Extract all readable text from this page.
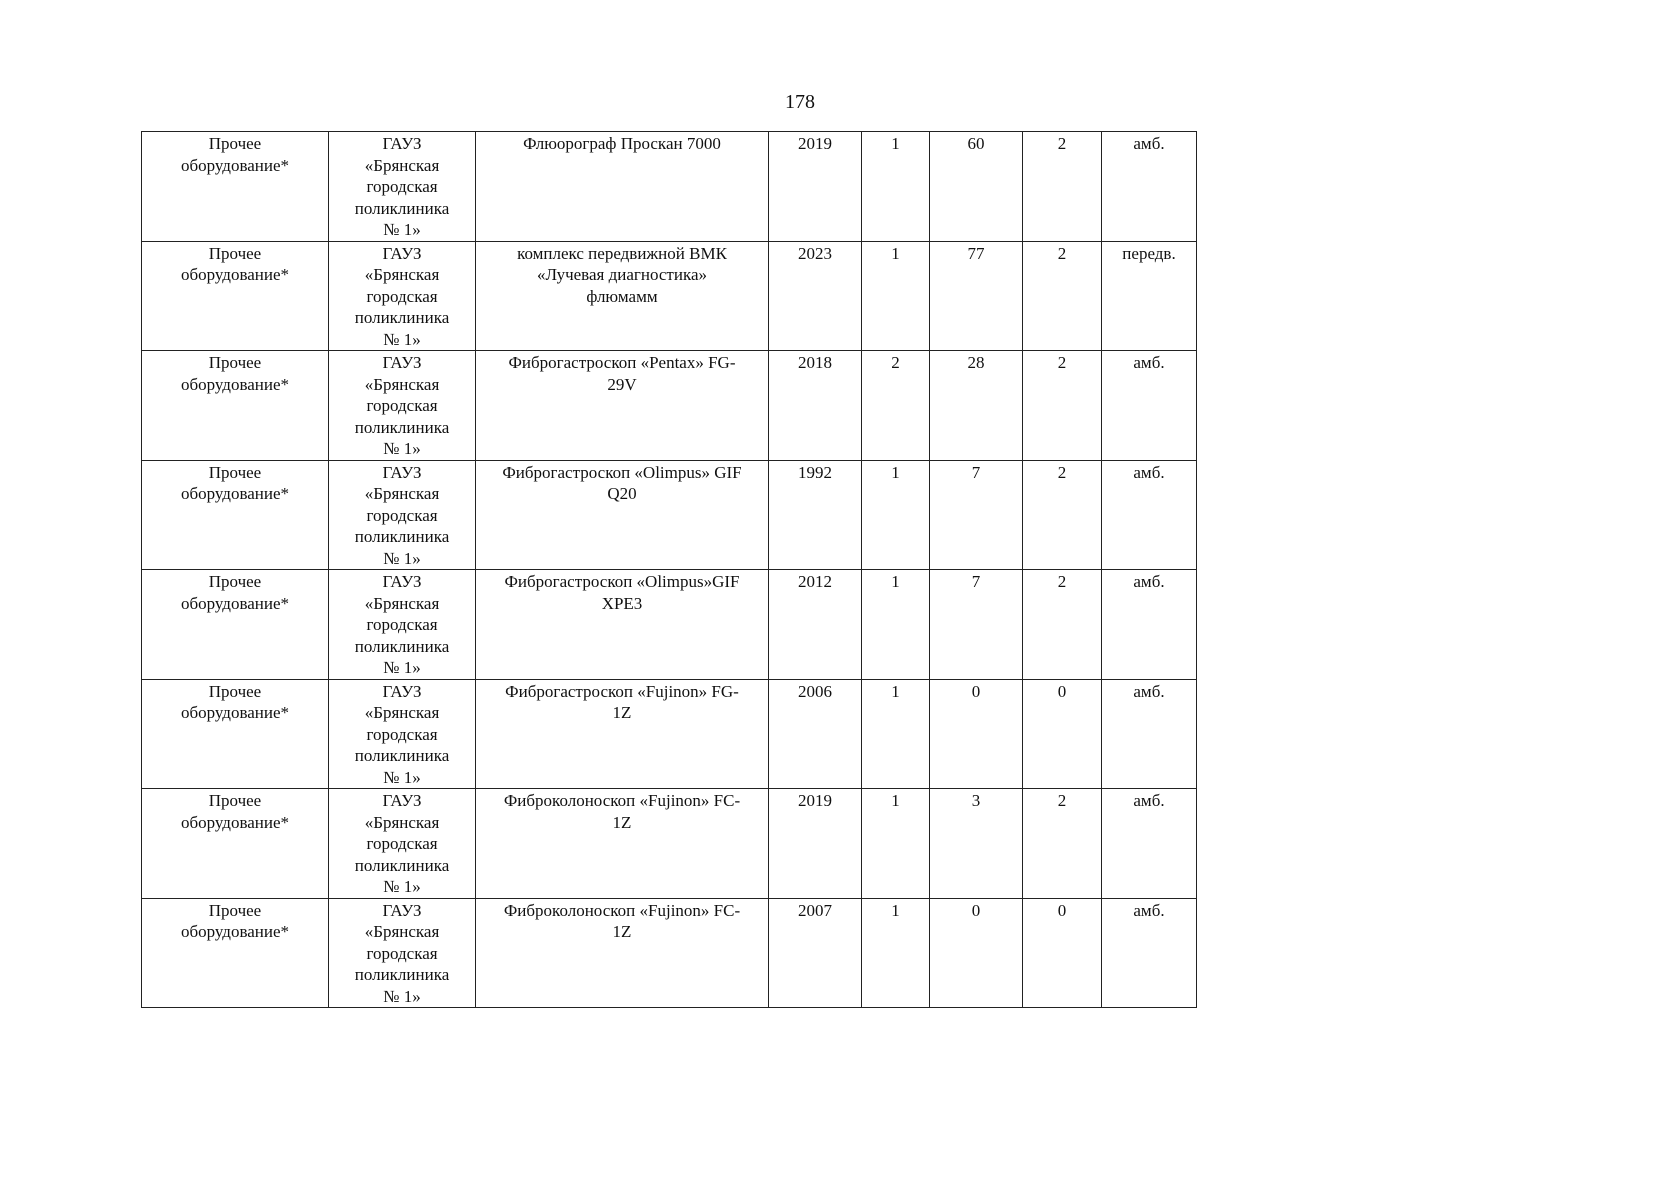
178
Прочее
оборудование*	ГАУЗ
«Брянская
городская
поликлиника
№ 1»	Флюорограф Проскан 7000	2019	1	60	2	амб.

Прочее
оборудование*	ГАУЗ
«Брянская
городская
поликлиника
№ 1»	комплекс передвижной ВМК
«Лучевая диагностика»
флюмамм	2023	1	77	2	передв.

Прочее
оборудование*	ГАУЗ
«Брянская
городская
поликлиника
№ 1»	Фиброгастроскоп «Pentax» FG-
29V	2018	2	28	2	амб.

Прочее
оборудование*	ГАУЗ
«Брянская
городская
поликлиника
№ 1»	Фиброгастроскоп «Olimpus» GIF
Q20	1992	1	7	2	амб.

Прочее
оборудование*	ГАУЗ
«Брянская
городская
поликлиника
№ 1»	Фиброгастроскоп «Olimpus»GIF
XPE3	2012	1	7	2	амб.

Прочее
оборудование*	ГАУЗ
«Брянская
городская
поликлиника
№ 1»	Фиброгастроскоп «Fujinon» FG-
1Z	2006	1	0	0	амб.

Прочее
оборудование*	ГАУЗ
«Брянская
городская
поликлиника
№ 1»	Фиброколоноскоп «Fujinon» FC-
1Z	2019	1	3	2	амб.

Прочее
оборудование*	ГАУЗ
«Брянская
городская
поликлиника
№ 1»	Фиброколоноскоп «Fujinon» FC-
1Z	2007	1	0	0	амб.
